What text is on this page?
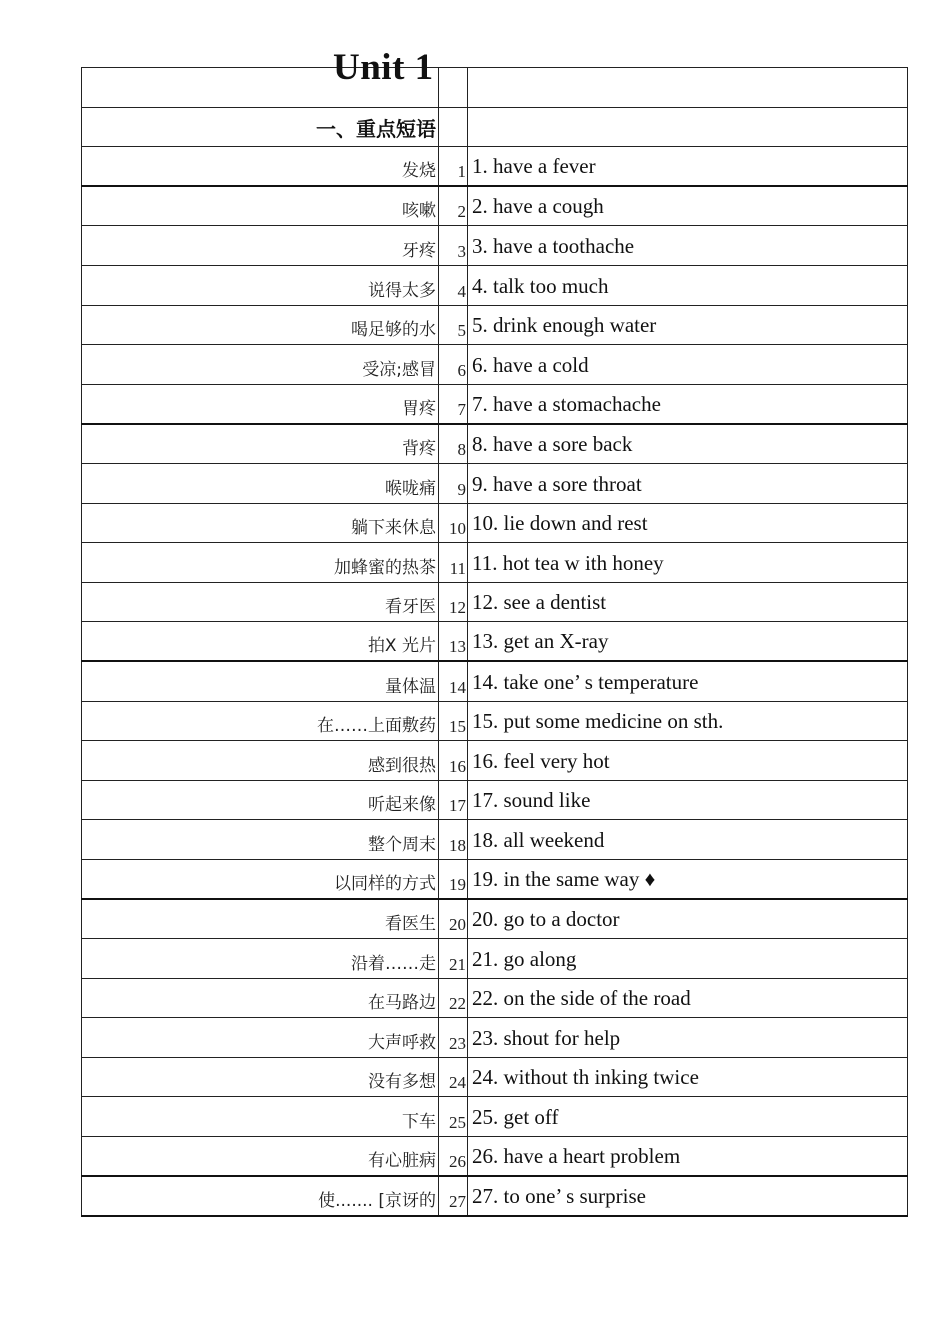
Unit 1

一、重点短语		
发烧	1	1. have a fever
咳嗽	2	2. have a cough
牙疼	3	3. have a toothache
说得太多	4	4. talk too much
喝足够的水	5	5. drink enough water
受凉;感冒	6	6. have a cold
胃疼	7	7. have a stomachache
背疼	8	8. have a sore back
喉咙痛	9	9. have a sore throat
躺下来休息	10	10. lie down and rest
加蜂蜜的热茶	11	11. hot tea w ith honey
看牙医	12	12. see a dentist
拍X 光片	13	13. get an X-ray
量体温	14	14. take one’ s temperature
在……上面敷药	15	15. put some medicine on sth.
感到很热	16	16. feel very hot
听起来像	17	17. sound like
整个周末	18	18. all weekend
以同样的方式	19	19. in the same way ♦
看医生	20	20. go to a doctor
沿着……走	21	21. go along
在马路边	22	22. on the side of the road
大声呼救	23	23. shout for help
没有多想	24	24. without th inking twice
下车	25	25. get off
有心脏病	26	26. have a heart problem
使....... [京讶的	27	27. to one’ s surprise
